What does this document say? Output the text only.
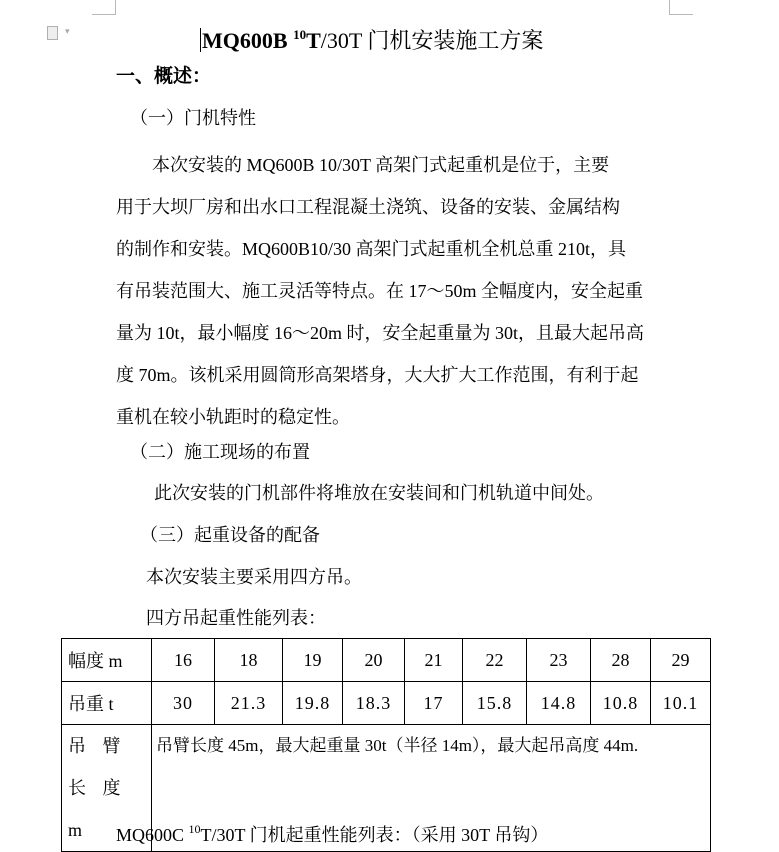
▾	MQ600B $^{10}$T/30T 门机安装施工方案
一、概述：
（一）门机特性
本次安装的 MQ600B 10/30T 高架门式起重机是位于，主要
用于大坝厂房和出水口工程混凝土浇筑、设备的安装、金属结构
的制作和安装。MQ600B10/30 高架门式起重机全机总重 210t，具
有吊装范围大、施工灵活等特点。在 17～50m 全幅度内，安全起重
量为 10t，最小幅度 16～20m 时，安全起重量为 30t，且最大起吊高
度 70m。该机采用圆筒形高架塔身，大大扩大工作范围，有利于起
重机在较小轨距时的稳定性。
（二）施工现场的布置
此次安装的门机部件将堆放在安装间和门机轨道中间处。
（三）起重设备的配备
本次安装主要采用四方吊。
四方吊起重性能列表：
幅度 m	16	18	19	20	21	22	23	28	29
吊重 t	30	21.3	19.8	18.3	17	15.8	14.8	10.8	10.1
吊 臂 长 度 m	吊臂长度 45m，最大起重量 30t（半径 14m），最大起吊高度 44m.								
MQ600C $^{10}$T/30T 门机起重性能列表：（采用 30T 吊钩）
